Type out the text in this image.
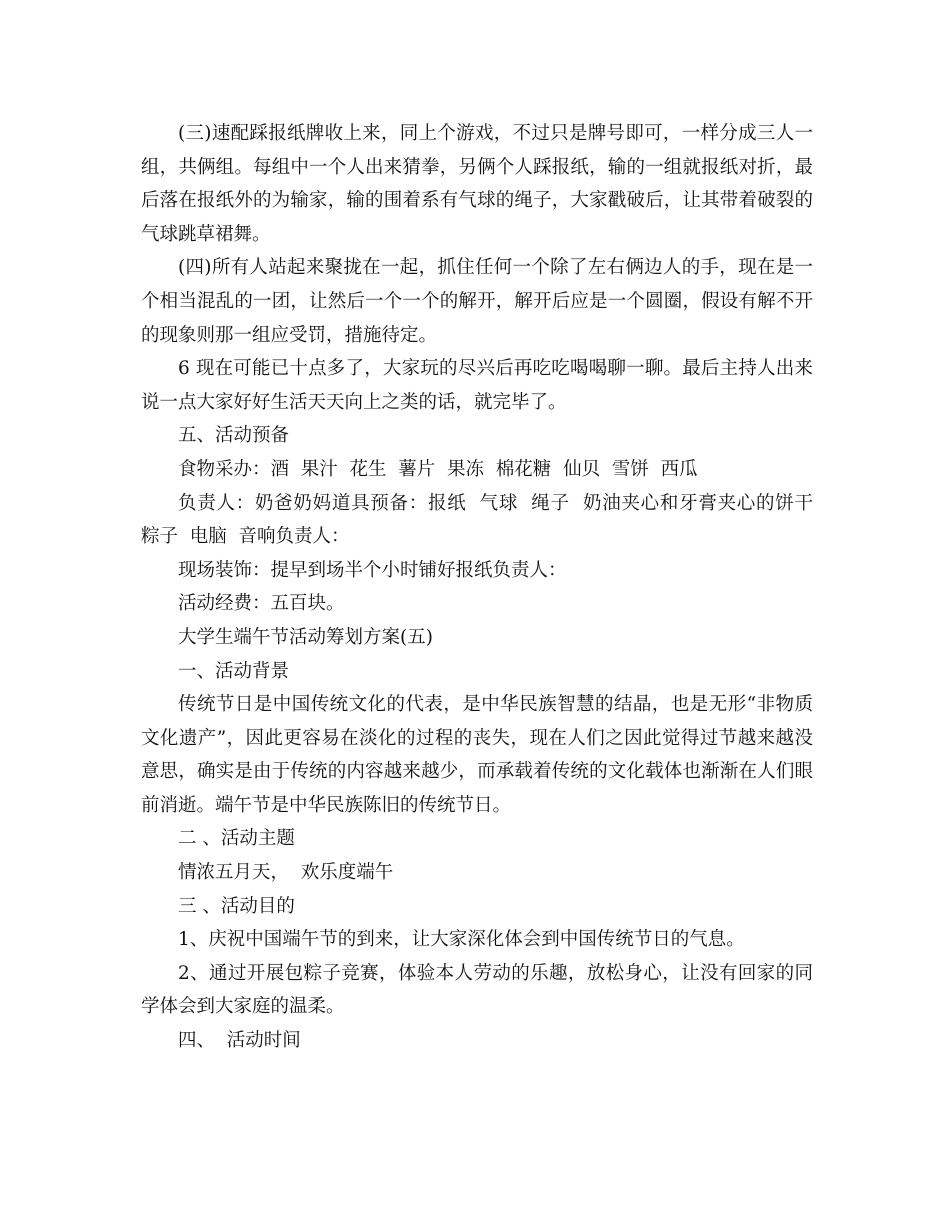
(三)速配踩报纸牌收上来，同上个游戏，不过只是牌号即可，一样分成三人一组，共俩组。每组中一个人出来猜拳，另俩个人踩报纸，输的一组就报纸对折，最后落在报纸外的为输家，输的围着系有气球的绳子，大家戳破后，让其带着破裂的气球跳草裙舞。

(四)所有人站起来聚拢在一起，抓住任何一个除了左右俩边人的手，现在是一个相当混乱的一团，让然后一个一个的解开，解开后应是一个圆圈，假设有解不开的现象则那一组应受罚，措施待定。

6 现在可能已十点多了，大家玩的尽兴后再吃吃喝喝聊一聊。最后主持人出来说一点大家好好生活天天向上之类的话，就完毕了。

五、活动预备

食物采办：酒  果汁  花生  薯片  果冻  棉花糖  仙贝  雪饼  西瓜

负责人：奶爸奶妈道具预备：报纸  气球  绳子  奶油夹心和牙膏夹心的饼干  粽子  电脑  音响负责人：

现场装饰：提早到场半个小时铺好报纸负责人：

活动经费：五百块。

大学生端午节活动筹划方案(五)

一、活动背景

传统节日是中国传统文化的代表，是中华民族智慧的结晶，也是无形“非物质文化遗产”，因此更容易在淡化的过程的丧失，现在人们之因此觉得过节越来越没意思，确实是由于传统的内容越来越少，而承载着传统的文化载体也渐渐在人们眼前消逝。端午节是中华民族陈旧的传统节日。

二 、活动主题

情浓五月天，  欢乐度端午

三 、活动目的

1、庆祝中国端午节的到来，让大家深化体会到中国传统节日的气息。

2、通过开展包粽子竞赛，体验本人劳动的乐趣，放松身心，让没有回家的同学体会到大家庭的温柔。

四、  活动时间
